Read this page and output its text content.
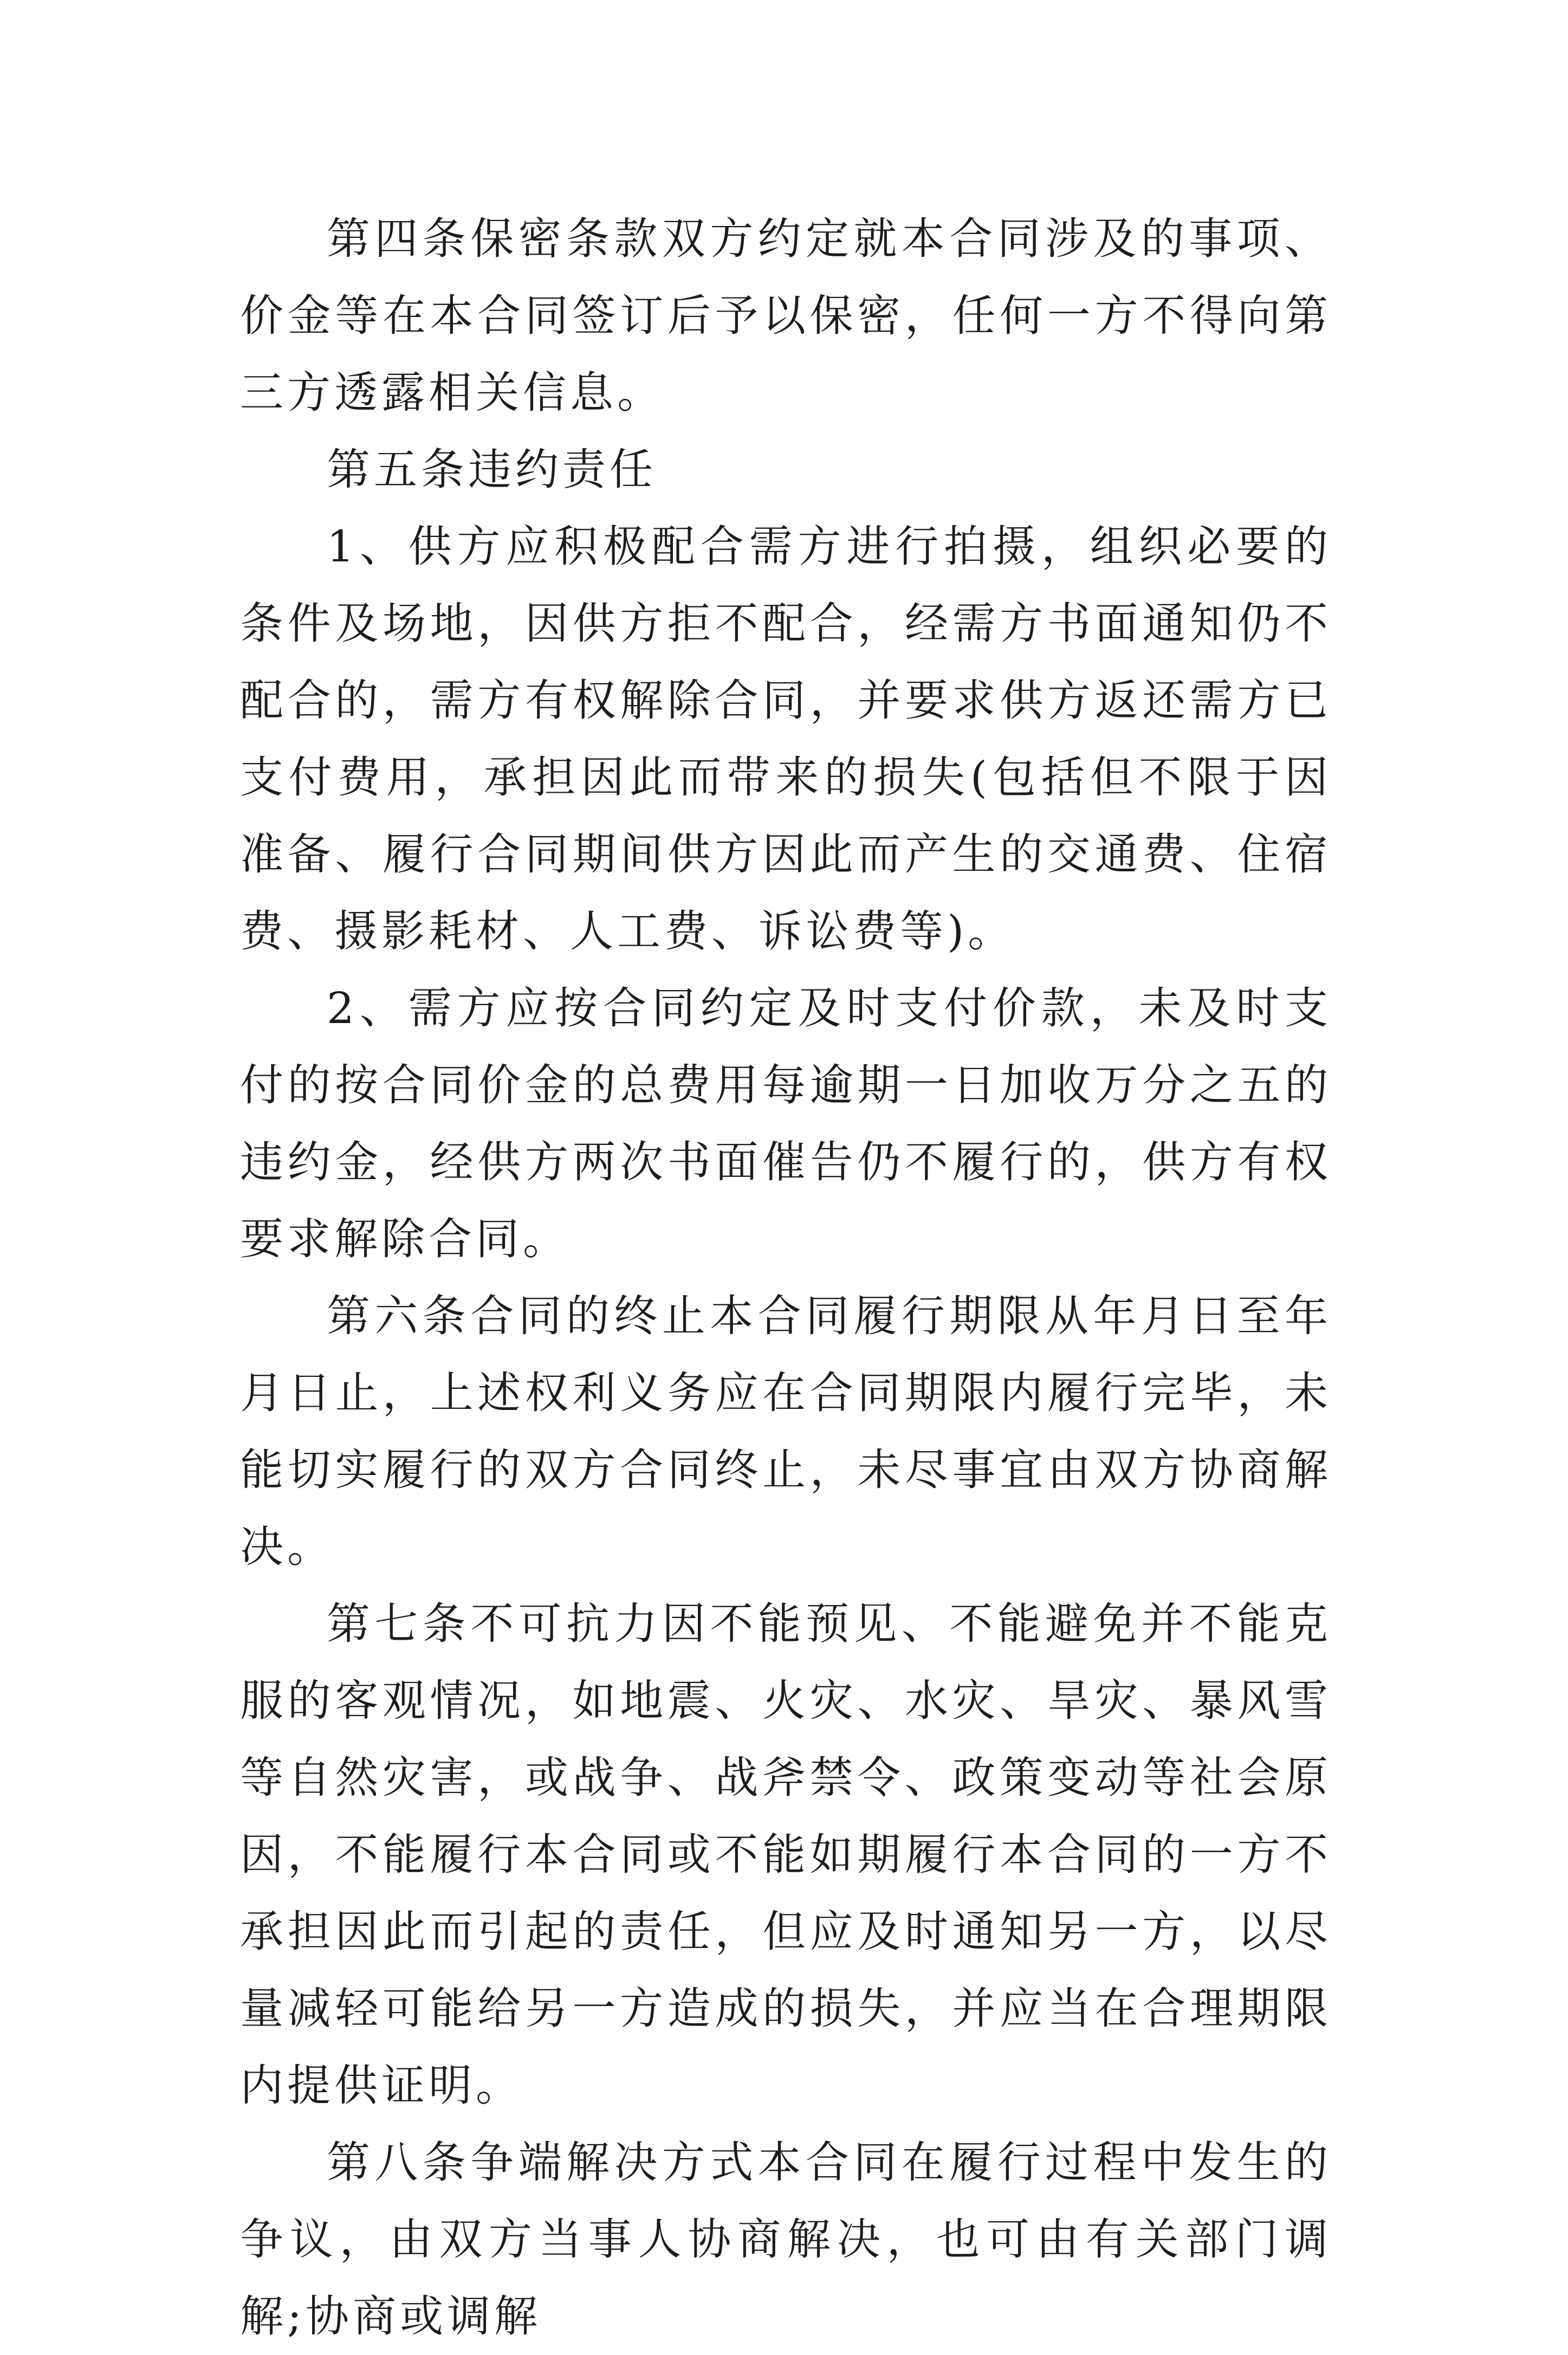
第四条保密条款双方约定就本合同涉及的事项、价金等在本合同签订后予以保密，任何一方不得向第三方透露相关信息。

第五条违约责任

1、供方应积极配合需方进行拍摄，组织必要的条件及场地，因供方拒不配合，经需方书面通知仍不配合的，需方有权解除合同，并要求供方返还需方已支付费用，承担因此而带来的损失(包括但不限于因准备、履行合同期间供方因此而产生的交通费、住宿费、摄影耗材、人工费、诉讼费等)。

2、需方应按合同约定及时支付价款，未及时支付的按合同价金的总费用每逾期一日加收万分之五的违约金，经供方两次书面催告仍不履行的，供方有权要求解除合同。

第六条合同的终止本合同履行期限从年月日至年月日止，上述权利义务应在合同期限内履行完毕，未能切实履行的双方合同终止，未尽事宜由双方协商解决。

第七条不可抗力因不能预见、不能避免并不能克服的客观情况，如地震、火灾、水灾、旱灾、暴风雪等自然灾害，或战争、战斧禁令、政策变动等社会原因，不能履行本合同或不能如期履行本合同的一方不承担因此而引起的责任，但应及时通知另一方，以尽量减轻可能给另一方造成的损失，并应当在合理期限内提供证明。

第八条争端解决方式本合同在履行过程中发生的争议，由双方当事人协商解决，也可由有关部门调解;协商或调解
